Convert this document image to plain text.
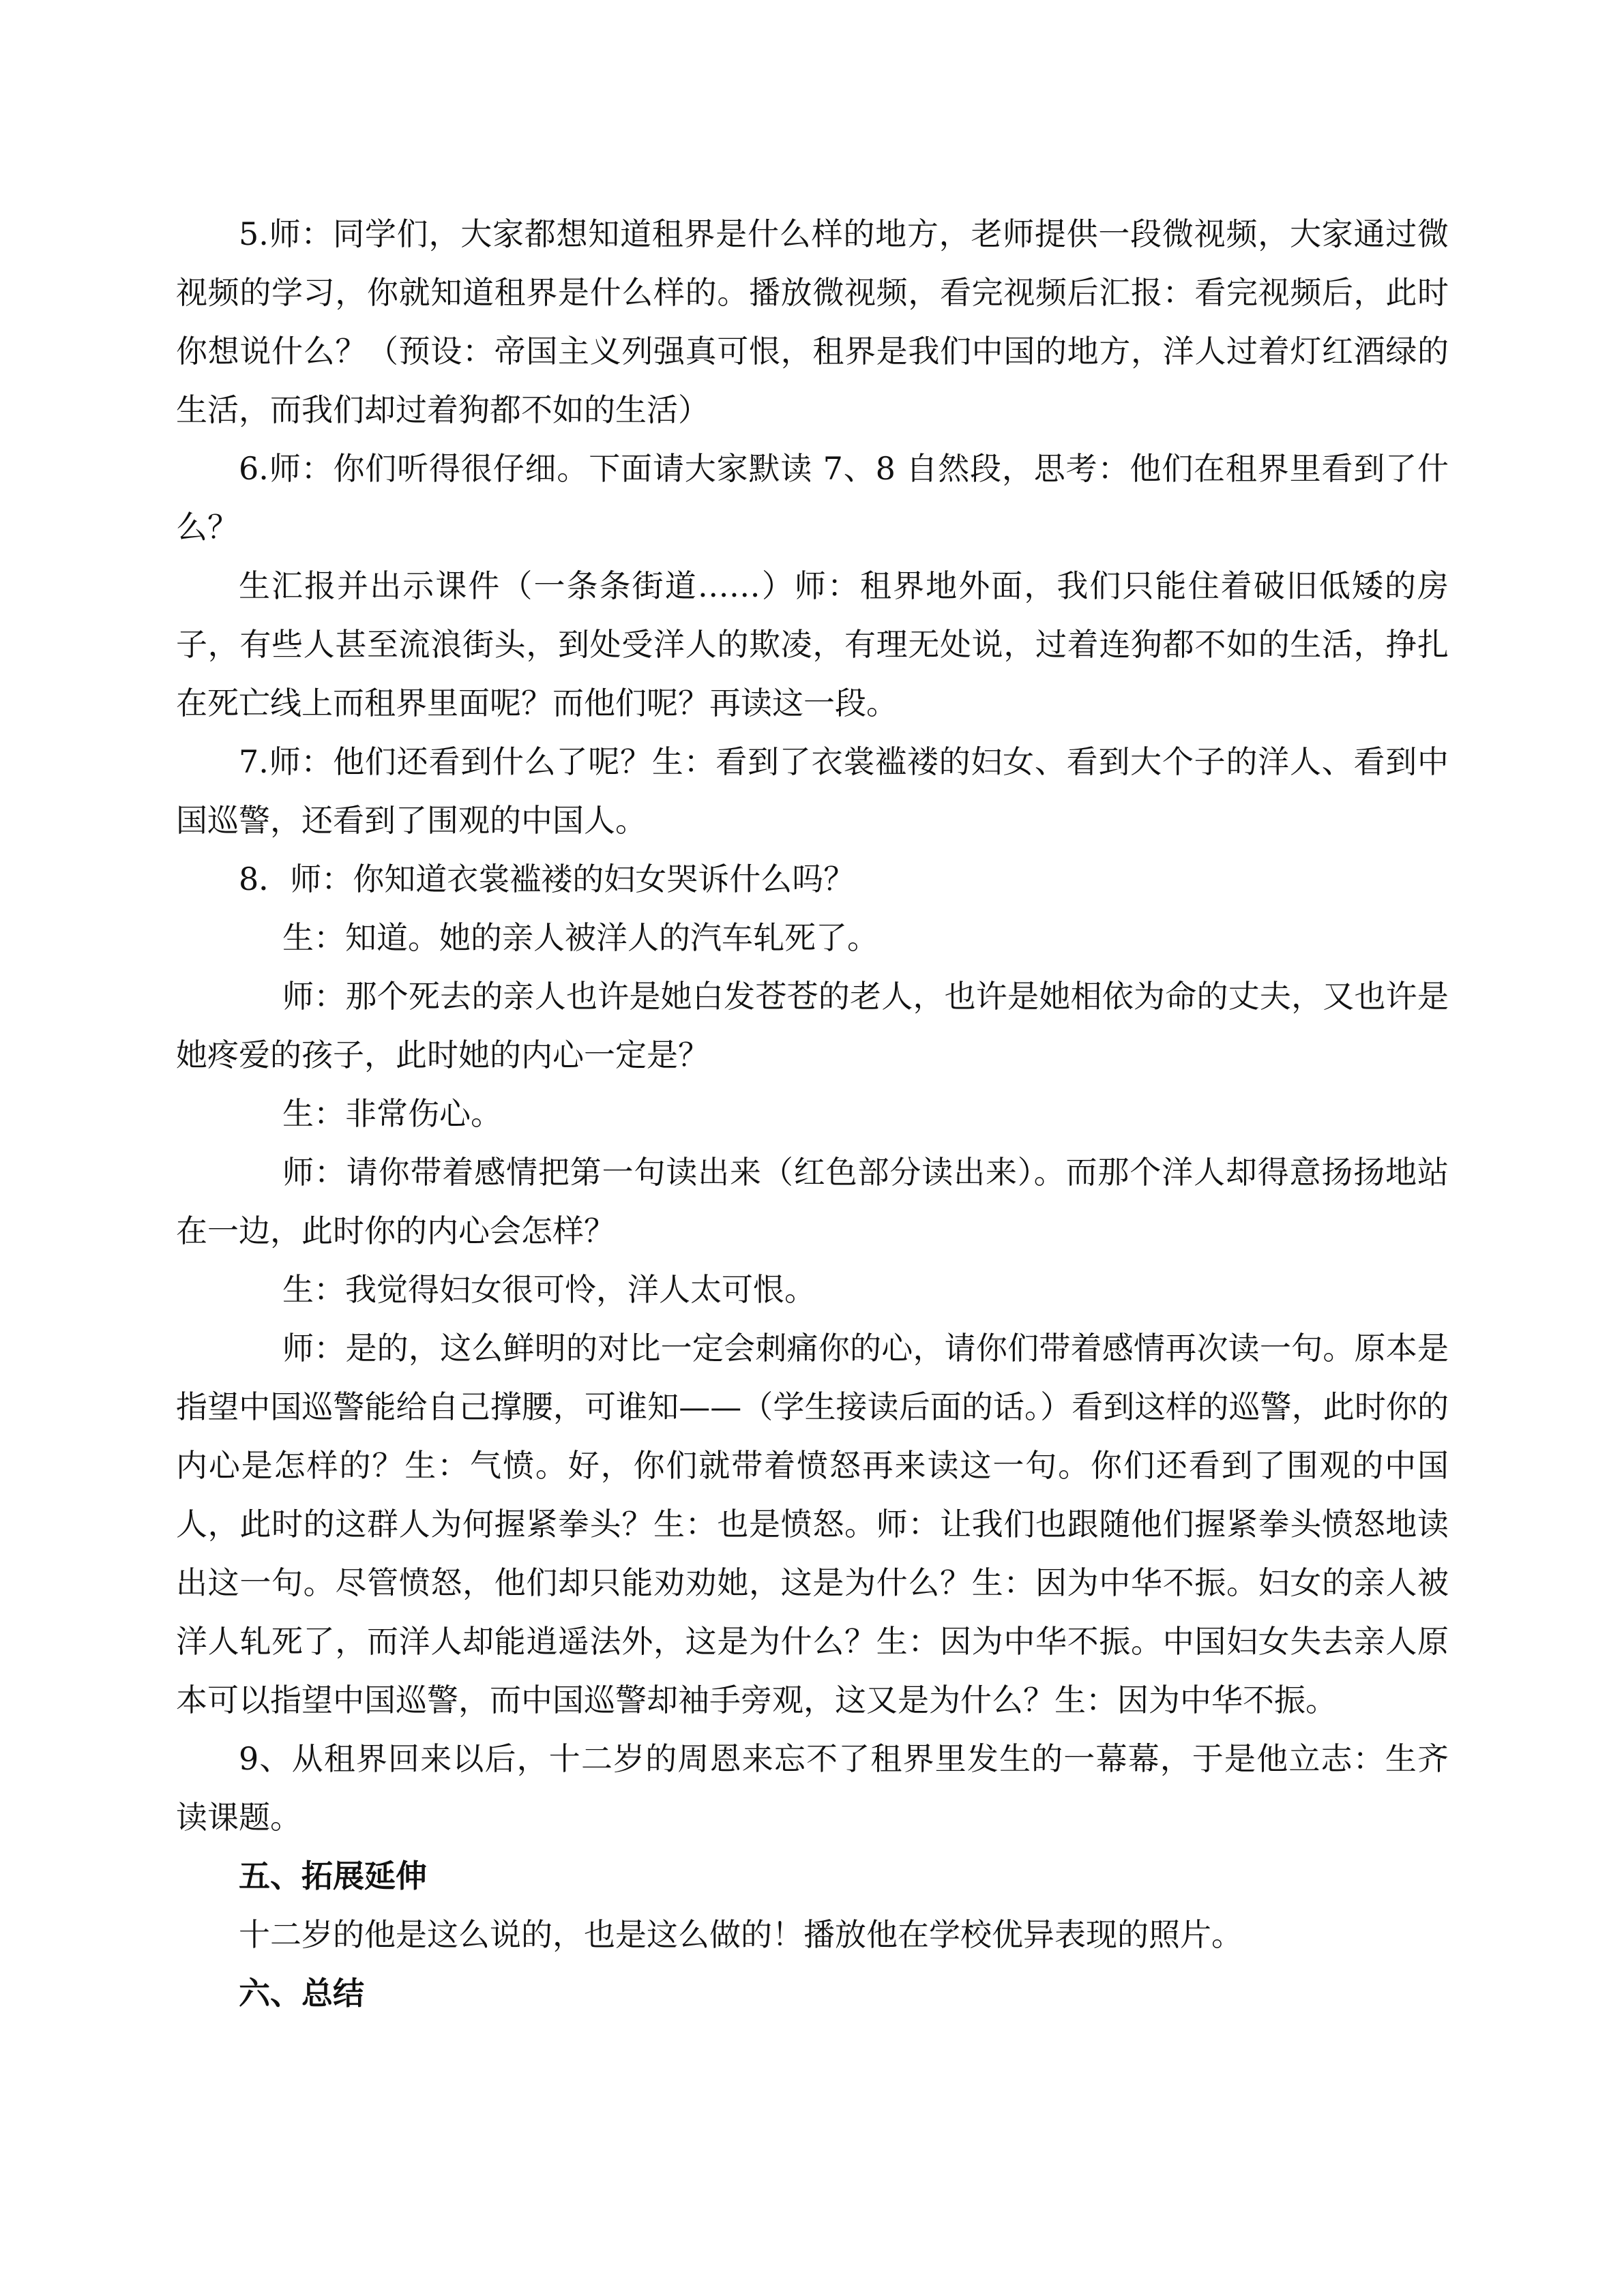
5.师：同学们，大家都想知道租界是什么样的地方，老师提供一段微视频，大家通过微视频的学习，你就知道租界是什么样的。播放微视频，看完视频后汇报：看完视频后，此时你想说什么？（预设：帝国主义列强真可恨，租界是我们中国的地方，洋人过着灯红酒绿的生活，而我们却过着狗都不如的生活）

6.师：你们听得很仔细。下面请大家默读 7、8 自然段，思考：他们在租界里看到了什么？

生汇报并出示课件（一条条街道……）师：租界地外面，我们只能住着破旧低矮的房子，有些人甚至流浪街头，到处受洋人的欺凌，有理无处说，过着连狗都不如的生活，挣扎在死亡线上而租界里面呢？而他们呢？再读这一段。

7.师：他们还看到什么了呢？生：看到了衣裳褴褛的妇女、看到大个子的洋人、看到中国巡警，还看到了围观的中国人。

8．师：你知道衣裳褴褛的妇女哭诉什么吗？

生：知道。她的亲人被洋人的汽车轧死了。

师：那个死去的亲人也许是她白发苍苍的老人，也许是她相依为命的丈夫，又也许是她疼爱的孩子，此时她的内心一定是？

生：非常伤心。

师：请你带着感情把第一句读出来（红色部分读出来）。而那个洋人却得意扬扬地站在一边，此时你的内心会怎样？

生：我觉得妇女很可怜，洋人太可恨。

师：是的，这么鲜明的对比一定会刺痛你的心，请你们带着感情再次读一句。原本是指望中国巡警能给自己撑腰，可谁知——（学生接读后面的话。）看到这样的巡警，此时你的内心是怎样的？生：气愤。好，你们就带着愤怒再来读这一句。你们还看到了围观的中国人，此时的这群人为何握紧拳头？生：也是愤怒。师：让我们也跟随他们握紧拳头愤怒地读出这一句。尽管愤怒，他们却只能劝劝她，这是为什么？生：因为中华不振。妇女的亲人被洋人轧死了，而洋人却能逍遥法外，这是为什么？生：因为中华不振。中国妇女失去亲人原本可以指望中国巡警，而中国巡警却袖手旁观，这又是为什么？生：因为中华不振。

9、从租界回来以后，十二岁的周恩来忘不了租界里发生的一幕幕，于是他立志：生齐读课题。

五、拓展延伸

十二岁的他是这么说的，也是这么做的！播放他在学校优异表现的照片。

六、总结
